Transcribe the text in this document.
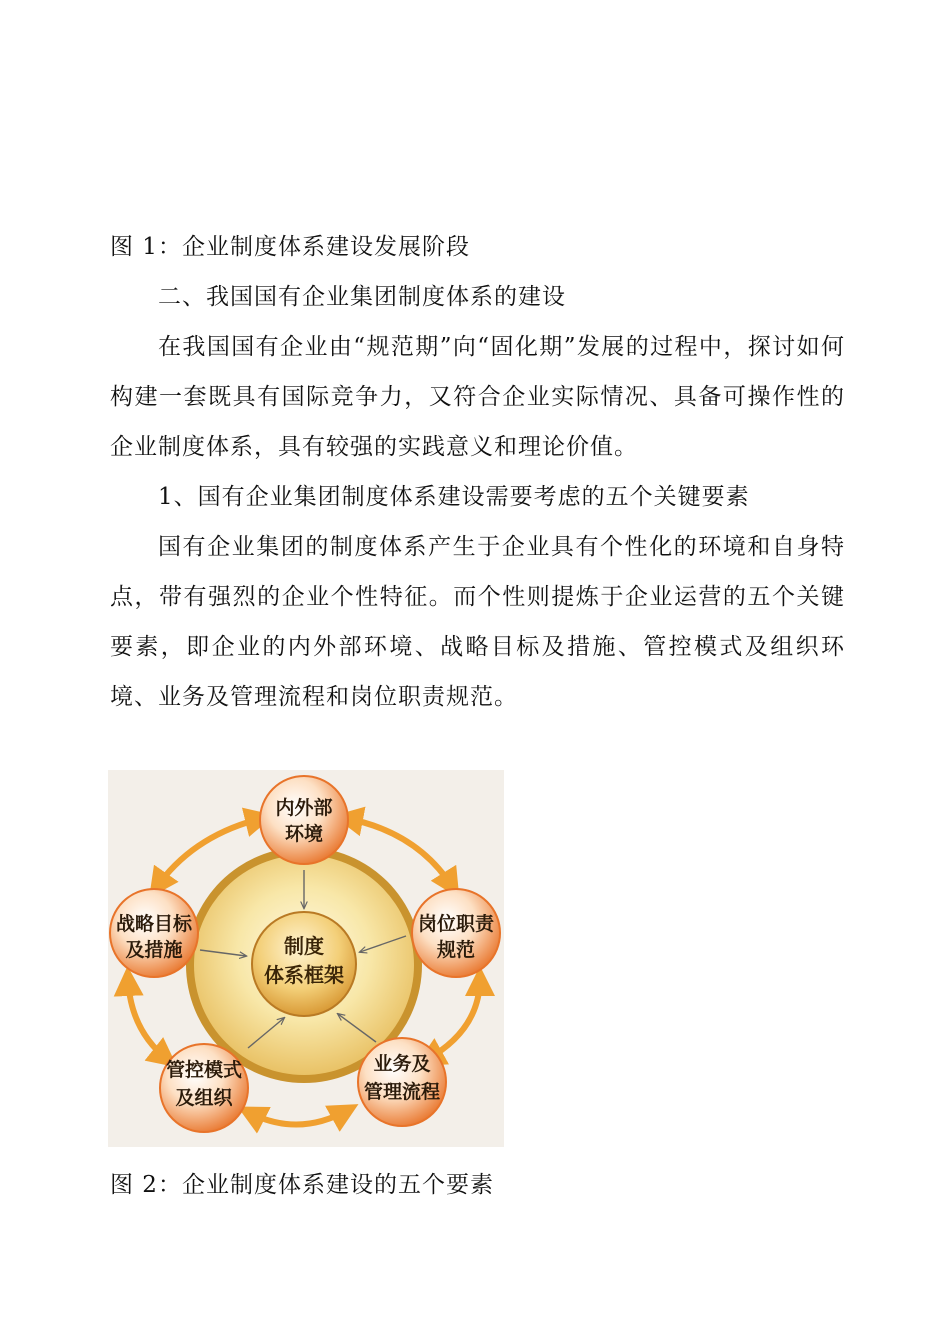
图 1：企业制度体系建设发展阶段

二、我国国有企业集团制度体系的建设

在我国国有企业由“规范期”向“固化期”发展的过程中，探讨如何构建一套既具有国际竞争力，又符合企业实际情况、具备可操作性的企业制度体系，具有较强的实践意义和理论价值。

1、国有企业集团制度体系建设需要考虑的五个关键要素

国有企业集团的制度体系产生于企业具有个性化的环境和自身特点，带有强烈的企业个性特征。而个性则提炼于企业运营的五个关键要素，即企业的内外部环境、战略目标及措施、管控模式及组织环境、业务及管理流程和岗位职责规范。

制度
体系框架
内外部
环境
岗位职责
规范
业务及
管理流程
管控模式
及组织
战略目标
及措施

图 2：企业制度体系建设的五个要素
